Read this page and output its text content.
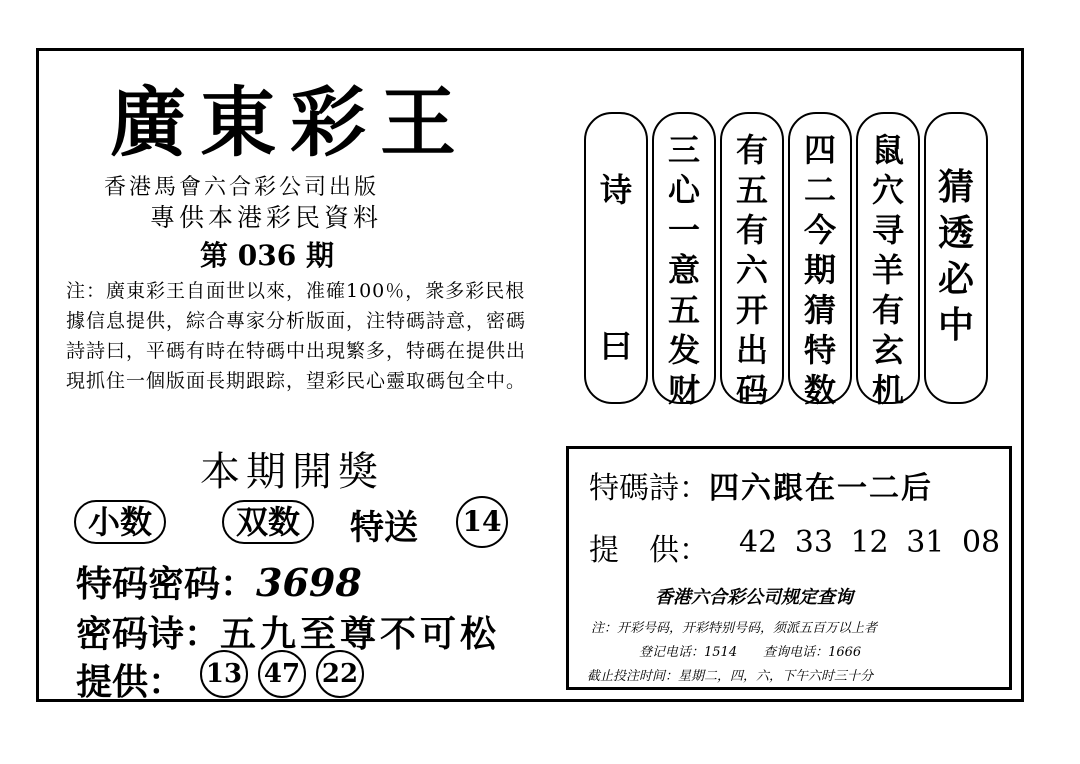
廣東彩王
香港馬會六合彩公司出版
專供本港彩民資料
第 036 期
注：廣東彩王自面世以來，准確100％，衆多彩民根據信息提供，綜合專家分析版面，注特碼詩意，密碼詩詩曰，平碼有時在特碼中出現繁多，特碼在提供出現抓住一個版面長期跟踪，望彩民心靈取碼包全中。
本期開獎
小数	双数	特送 14
特码密码：3698
密码诗：五九至尊不可松
提供： 13 47 22
诗
曰
三心一意五发财
有五有六开出码
四二今期猜特数
鼠穴寻羊有玄机
猜透必中
特碼詩：四六跟在一二后
提　供： 42 33 12 31 08
香港六合彩公司规定查询
注：开彩号码，开彩特别号码，须派五百万以上者
登记电话：1514　　查询电话：1666
截止投注时间：星期二，四，六，下午六时三十分
